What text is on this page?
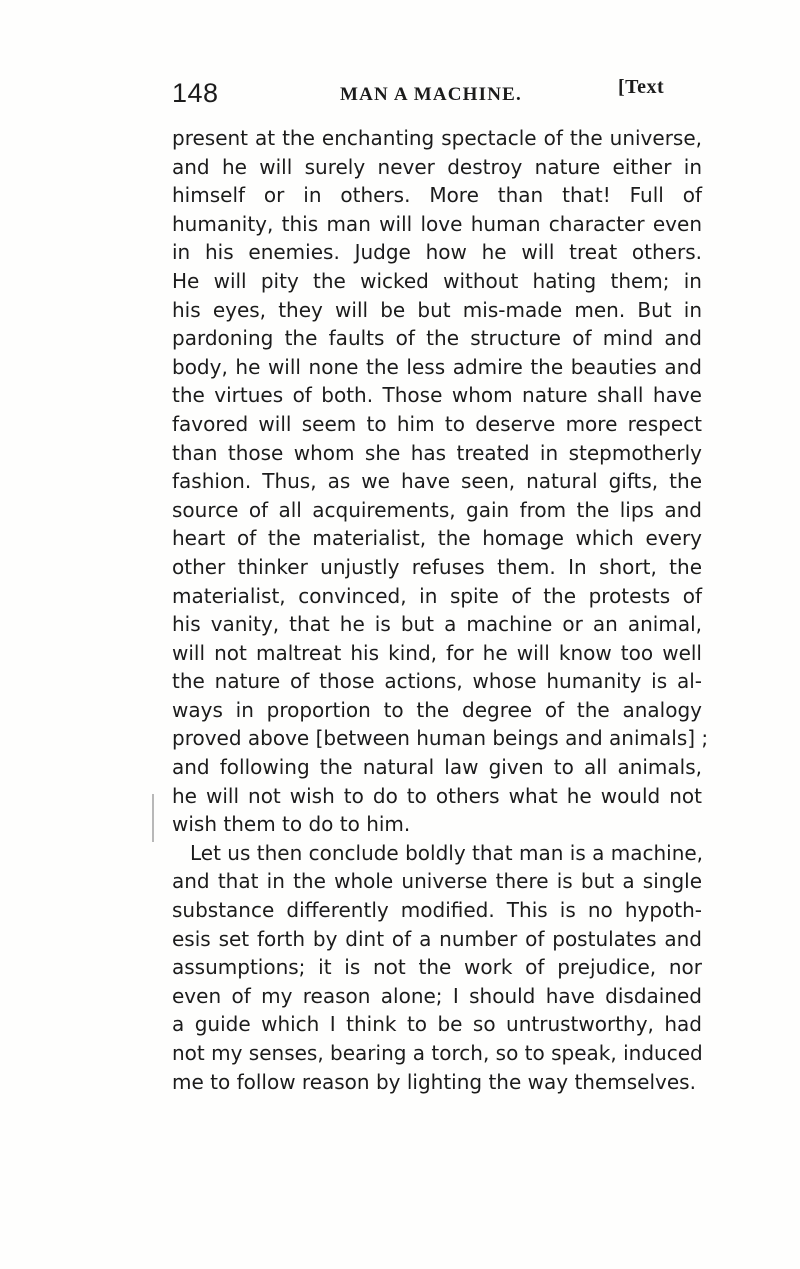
148	MAN A MACHINE.	[Text
present at the enchanting spectacle of the universe,
and he will surely never destroy nature either in
himself or in others. More than that! Full of
humanity, this man will love human character even
in his enemies. Judge how he will treat others.
He will pity the wicked without hating them; in
his eyes, they will be but mis-made men. But in
pardoning the faults of the structure of mind and
body, he will none the less admire the beauties and
the virtues of both. Those whom nature shall have
favored will seem to him to deserve more respect
than those whom she has treated in stepmotherly
fashion. Thus, as we have seen, natural gifts, the
source of all acquirements, gain from the lips and
heart of the materialist, the homage which every
other thinker unjustly refuses them. In short, the
materialist, convinced, in spite of the protests of
his vanity, that he is but a machine or an animal,
will not maltreat his kind, for he will know too well
the nature of those actions, whose humanity is al-
ways in proportion to the degree of the analogy
proved above [between human beings and animals] ;
and following the natural law given to all animals,
he will not wish to do to others what he would not
wish them to do to him.
Let us then conclude boldly that man is a machine,
and that in the whole universe there is but a single
substance differently modified. This is no hypoth-
esis set forth by dint of a number of postulates and
assumptions; it is not the work of prejudice, nor
even of my reason alone; I should have disdained
a guide which I think to be so untrustworthy, had
not my senses, bearing a torch, so to speak, induced
me to follow reason by lighting the way themselves.
